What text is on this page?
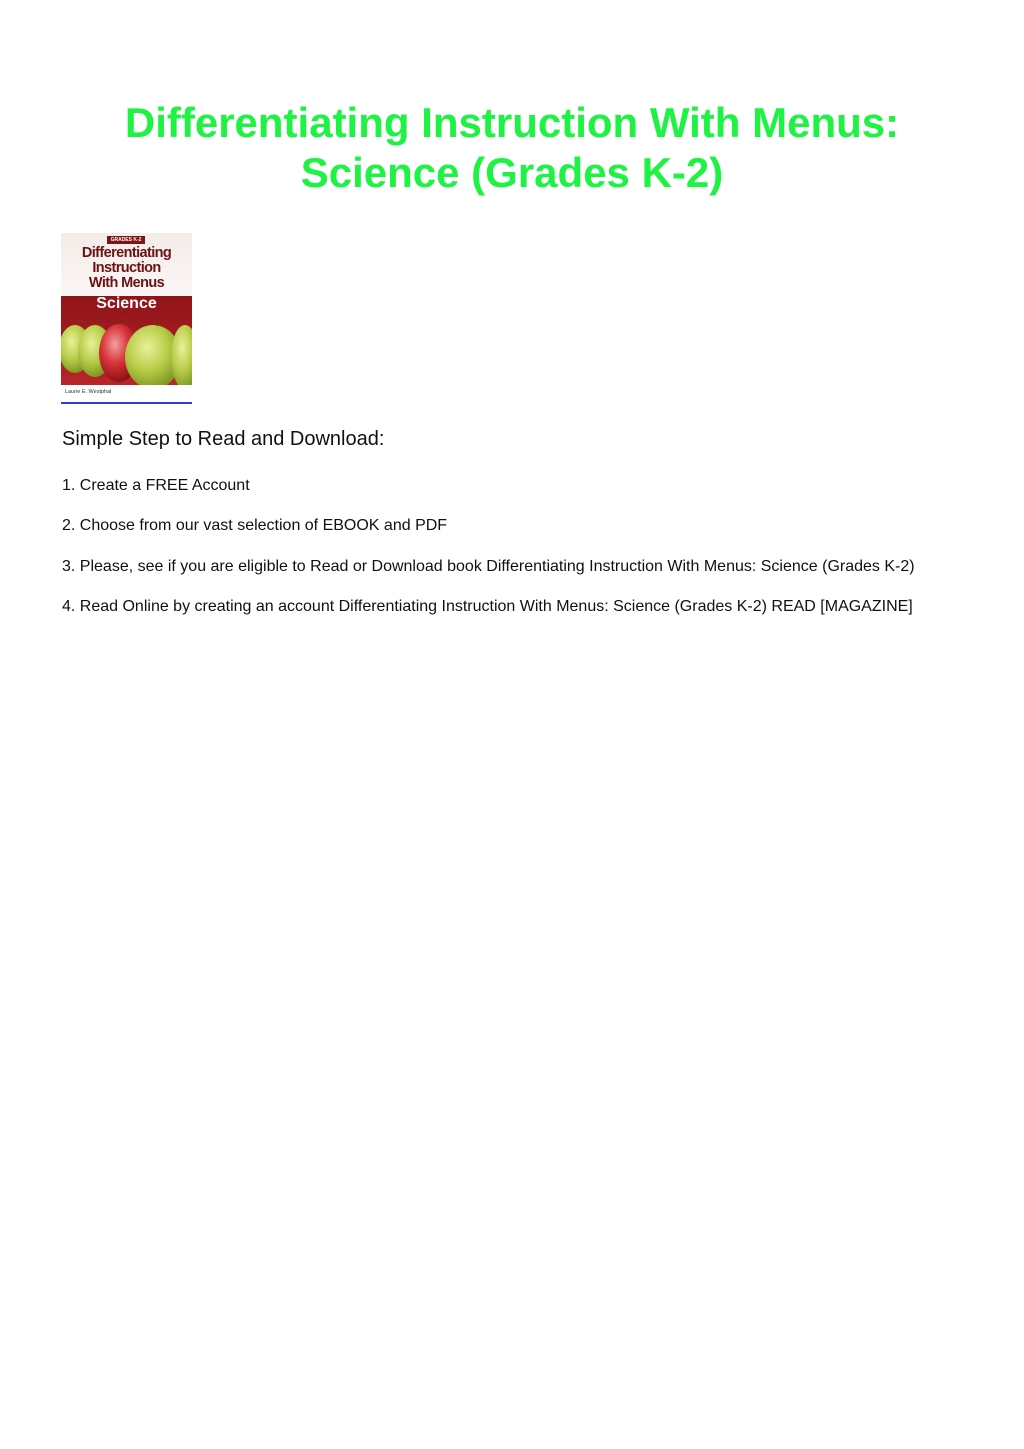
Differentiating Instruction With Menus:
Science (Grades K-2)
GRADES K-2
Differentiating
Instruction
With Menus
Science
Laurie E. Westphal
Simple Step to Read and Download:

1. Create a FREE Account

2. Choose from our vast selection of EBOOK and PDF

3. Please, see if you are eligible to Read or Download book Differentiating Instruction With Menus: Science (Grades K-2)

4. Read Online by creating an account Differentiating Instruction With Menus: Science (Grades K-2) READ [MAGAZINE]
